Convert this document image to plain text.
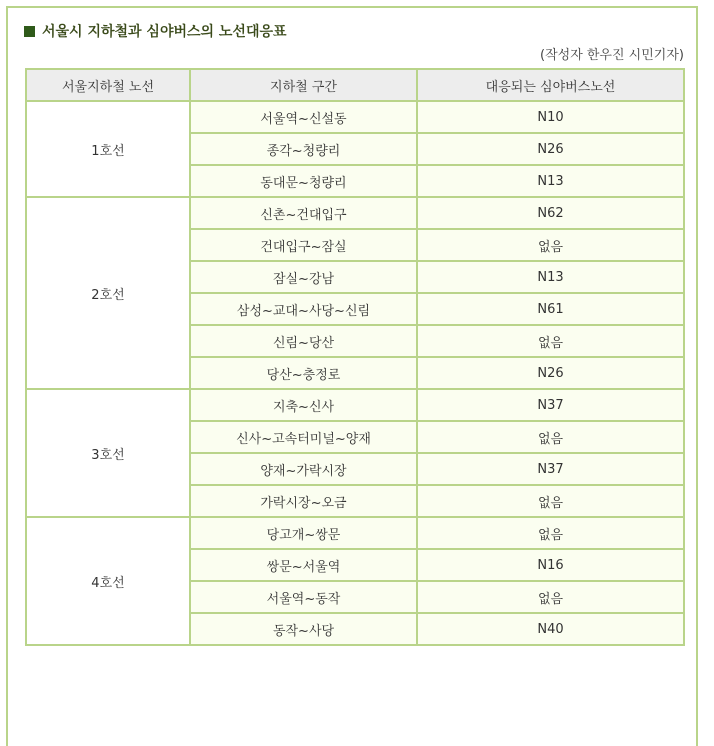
서울시 지하철과 심야버스의 노선대응표
(작성자 한우진 시민기자)
서울지하철 노선	지하철 구간	대응되는 심야버스노선
1호선	서울역~신설동	N10
	종각~청량리	N26
	동대문~청량리	N13
2호선	신촌~건대입구	N62
	건대입구~잠실	없음
	잠실~강남	N13
	삼성~교대~사당~신림	N61
	신림~당산	없음
	당산~충정로	N26
3호선	지축~신사	N37
	신사~고속터미널~양재	없음
	양재~가락시장	N37
	가락시장~오금	없음
4호선	당고개~쌍문	없음
	쌍문~서울역	N16
	서울역~동작	없음
	동작~사당	N40
